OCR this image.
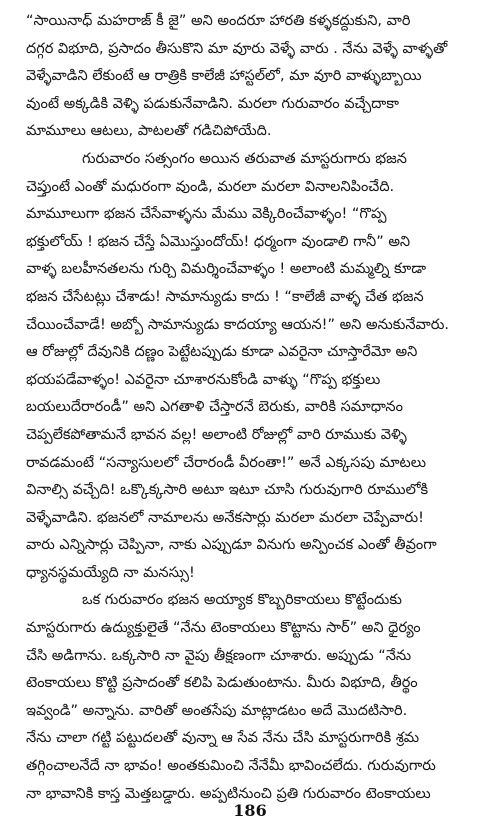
“సాయినాధ్ మహరాజ్ కీ జై” అని అందరూ హారతి కళ్ళకద్దుకుని, వారి
దగ్గర విభూది, ప్రసాదం తీసుకొని మా వూరు వెళ్ళే వారు . నేను వెళ్ళే వాళ్ళతో
వెళ్ళేవాడిని లేకుంటే ఆ రాత్రికి కాలేజీ హాస్టల్‌లో, మా వూరి వాళ్ళుబ్బాయి
వుంటే అక్కడికి వెళ్ళి పడుకునేవాడిని. మరలా గురువారం వచ్చేదాకా
మామూలు ఆటలు, పాటలతో గడిచిపోయేది.

గురువారం సత్సంగం అయిన తరువాత మాస్టరుగారు భజన
చెప్తుంటే ఎంతో మధురంగా వుండి, మరలా మరలా వినాలనిపించేది.
మామూలుగా భజన చేసేవాళ్ళను మేము వెక్కిరించేవాళ్ళం! “గొప్ప
భక్తులోయ్ ! భజన చేస్తే ఏమొస్తుందోయ్! ధర్మంగా వుండాలి గానీ” అని
వాళ్ళ బలహీనతలను గుర్చి విమర్శించేవాళ్ళం ! అలాంటి మమ్మల్ని కూడా
భజన చేసేటట్లు చేశాడు! సామాన్యుడు కాదు ! “కాలేజీ వాళ్ళ చేత భజన
చేయించేవాడే! అబ్బో సామాన్యుడు కాదయ్యా ఆయన!” అని అనుకునేవారు.
ఆ రోజుల్లో దేవునికి దణ్ణం పెట్టేటప్పుడు కూడా ఎవరైనా చూస్తారేమో అని
భయపడేవాళ్ళం! ఎవరైనా చూశారనుకోండి వాళ్ళు “గొప్ప భక్తులు
బయలుదేరారండీ” అని ఎగతాళి చేస్తారనే బెరుకు, వారికి సమాధానం
చెప్పలేకపోతామనే భావన వల్ల! అలాంటి రోజుల్లో వారి రూముకు వెళ్ళి
రావడమంటే “సన్యాసులలో చేరారండీ వీరంతా!” అనే ఎక్కసపు మాటలు
వినాల్సి వచ్చేది! ఒక్కొక్కసారి అటూ ఇటూ చూసి గురువుగారి రూములోకి
వెళ్ళేవాడిని. భజనలో నామాలను అనేకసార్లు మరలా మరలా చెప్పేవారు!
వారు ఎన్నిసార్లు చెప్పినా, నాకు ఎప్పుడూ వినుగు అన్పించక ఎంతో తీవ్రంగా
ధ్యానస్థమయ్యేది నా మనస్సు!

ఒక గురువారం భజన అయ్యాక కొబ్బరికాయలు కొట్టేందుకు
మాస్టరుగారు ఉద్యుక్తులైతే “నేను టెంకాయలు కొట్టాను సార్” అని ధైర్యం
చేసి అడిగాను. ఒక్కసారి నా వైపు తీక్షణంగా చూశారు. అప్పుడు “నేను
టెంకాయలు కొట్టి ప్రసాదంతో కలిపి పెడుతుంటాను. మీరు విభూది, తీర్థం
ఇవ్వండి” అన్నాను. వారితో అంతసేపు మాట్లాడటం అదే మొదటిసారి.
నేను చాలా గట్టి పట్టుదలతో వున్నా ఆ సేవ నేను చేసి మాస్టరుగారికి శ్రమ
తగ్గించాలనేదే నా భావం! అంతకుమించి నేనేమీ భావించలేదు. గురువుగారు
నా భావానికి కాస్త మెత్తబడ్డారు. అప్పటినుంచి ప్రతి గురువారం టెంకాయలు

186
